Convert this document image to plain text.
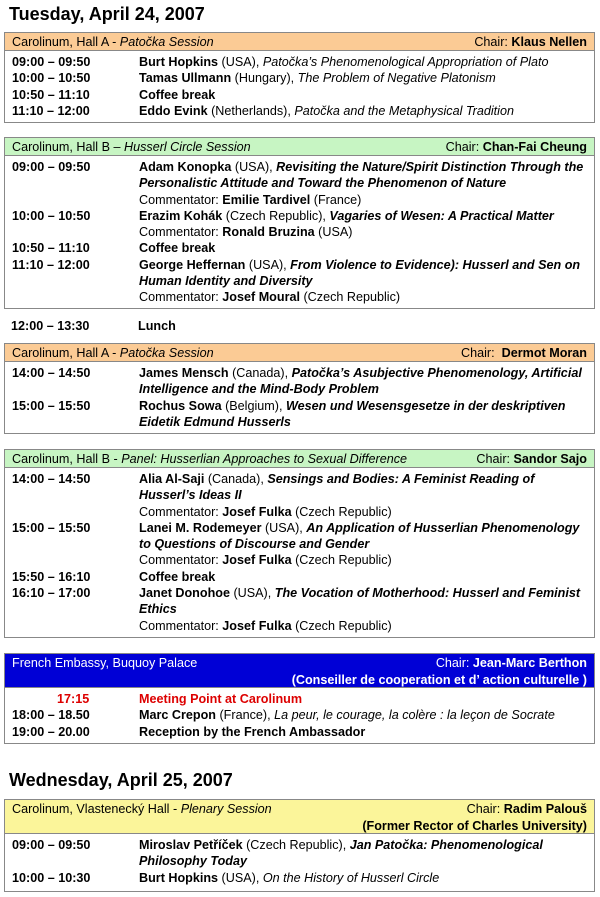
Tuesday, April 24, 2007
Carolinum, Hall A - Patočka Session	Chair: Klaus Nellen
09:00 – 09:50	Burt Hopkins (USA), Patočka’s Phenomenological Appropriation of Plato
10:00 – 10:50	Tamas Ullmann (Hungary), The Problem of Negative Platonism
10:50 – 11:10	Coffee break
11:10 – 12:00	Eddo Evink (Netherlands), Patočka and the Metaphysical Tradition
Carolinum, Hall B – Husserl Circle Session	Chair: Chan-Fai Cheung
09:00 – 09:50	Adam Konopka (USA), Revisiting the Nature/Spirit Distinction Through the Personalistic Attitude and Toward the Phenomenon of Nature
Commentator: Emilie Tardivel (France)
10:00 – 10:50	Erazim Kohák (Czech Republic), Vagaries of Wesen: A Practical Matter
Commentator: Ronald Bruzina (USA)
10:50 – 11:10	Coffee break
11:10 – 12:00	George Heffernan (USA), From Violence to Evidence): Husserl and Sen on Human Identity and Diversity
Commentator: Josef Moural (Czech Republic)
12:00 – 13:30	Lunch
Carolinum, Hall A - Patočka Session	Chair:  Dermot Moran
14:00 – 14:50	James Mensch (Canada), Patočka’s Asubjective Phenomenology, Artificial Intelligence and the Mind-Body Problem
15:00 – 15:50	Rochus Sowa (Belgium), Wesen und Wesensgesetze in der deskriptiven Eidetik Edmund Husserls
Carolinum, Hall B - Panel: Husserlian Approaches to Sexual Difference	Chair: Sandor Sajo
14:00 – 14:50	Alia Al-Saji (Canada), Sensings and Bodies: A Feminist Reading of Husserl’s Ideas II
Commentator: Josef Fulka (Czech Republic)
15:00 – 15:50	Lanei M. Rodemeyer (USA), An Application of Husserlian Phenomenology to Questions of Discourse and Gender
Commentator: Josef Fulka (Czech Republic)
15:50 – 16:10	Coffee break
16:10 – 17:00	Janet Donohoe (USA), The Vocation of Motherhood: Husserl and Feminist Ethics
Commentator: Josef Fulka (Czech Republic)
French Embassy, Buquoy Palace	Chair: Jean-Marc Berthon
(Conseiller de cooperation et d’ action culturelle )
17:15	Meeting Point at Carolinum
18:00 – 18.50	Marc Crepon (France), La peur, le courage, la colère : la leçon de Socrate
19:00 – 20.00	Reception by the French Ambassador
Wednesday, April 25, 2007
Carolinum, Vlastenecký Hall - Plenary Session	Chair: Radim Palouš
(Former Rector of Charles University)
09:00 – 09:50	Miroslav Petříček (Czech Republic), Jan Patočka: Phenomenological Philosophy Today
10:00 – 10:30	Burt Hopkins (USA), On the History of Husserl Circle
